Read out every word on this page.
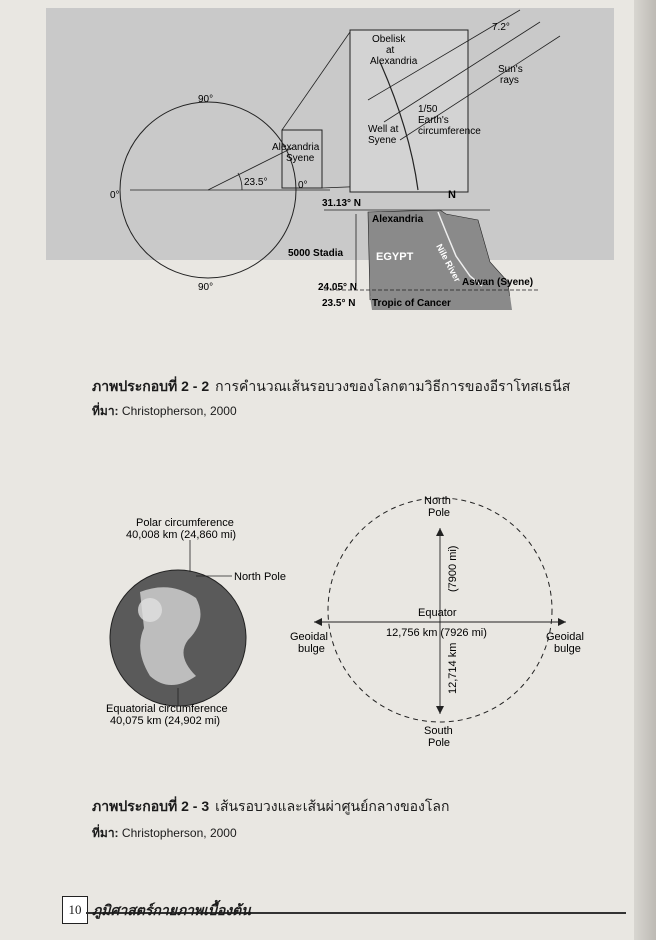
90°
90°
0°
0°
23.5°
Alexandria
Syene
Obelisk
at
Alexandria
7.2°
Sun's
rays
1/50
Earth's
circumference
Well at
Syene
N
31.13° N
Alexandria
EGYPT Nile River
5000 Stadia
24.05° N	Aswan (Syene)
23.5° N Tropic of Cancer
ภาพประกอบที่ 2 - 2 การคำนวณเส้นรอบวงของโลกตามวิธีการของอีราโทสเธนีส
ที่มา: Christopherson, 2000
Polar circumference
40,008 km (24,860 mi)
North Pole
Equatorial circumference
40,075 km (24,902 mi)
North
Pole
South
Pole
Equator
12,756 km (7926 mi)
(7900 mi)
12,714 km
Geoidal
bulge
Geoidal
bulge
ภาพประกอบที่ 2 - 3 เส้นรอบวงและเส้นผ่าศูนย์กลางของโลก
ที่มา: Christopherson, 2000
10 ภูมิศาสตร์กายภาพเบื้องต้น
